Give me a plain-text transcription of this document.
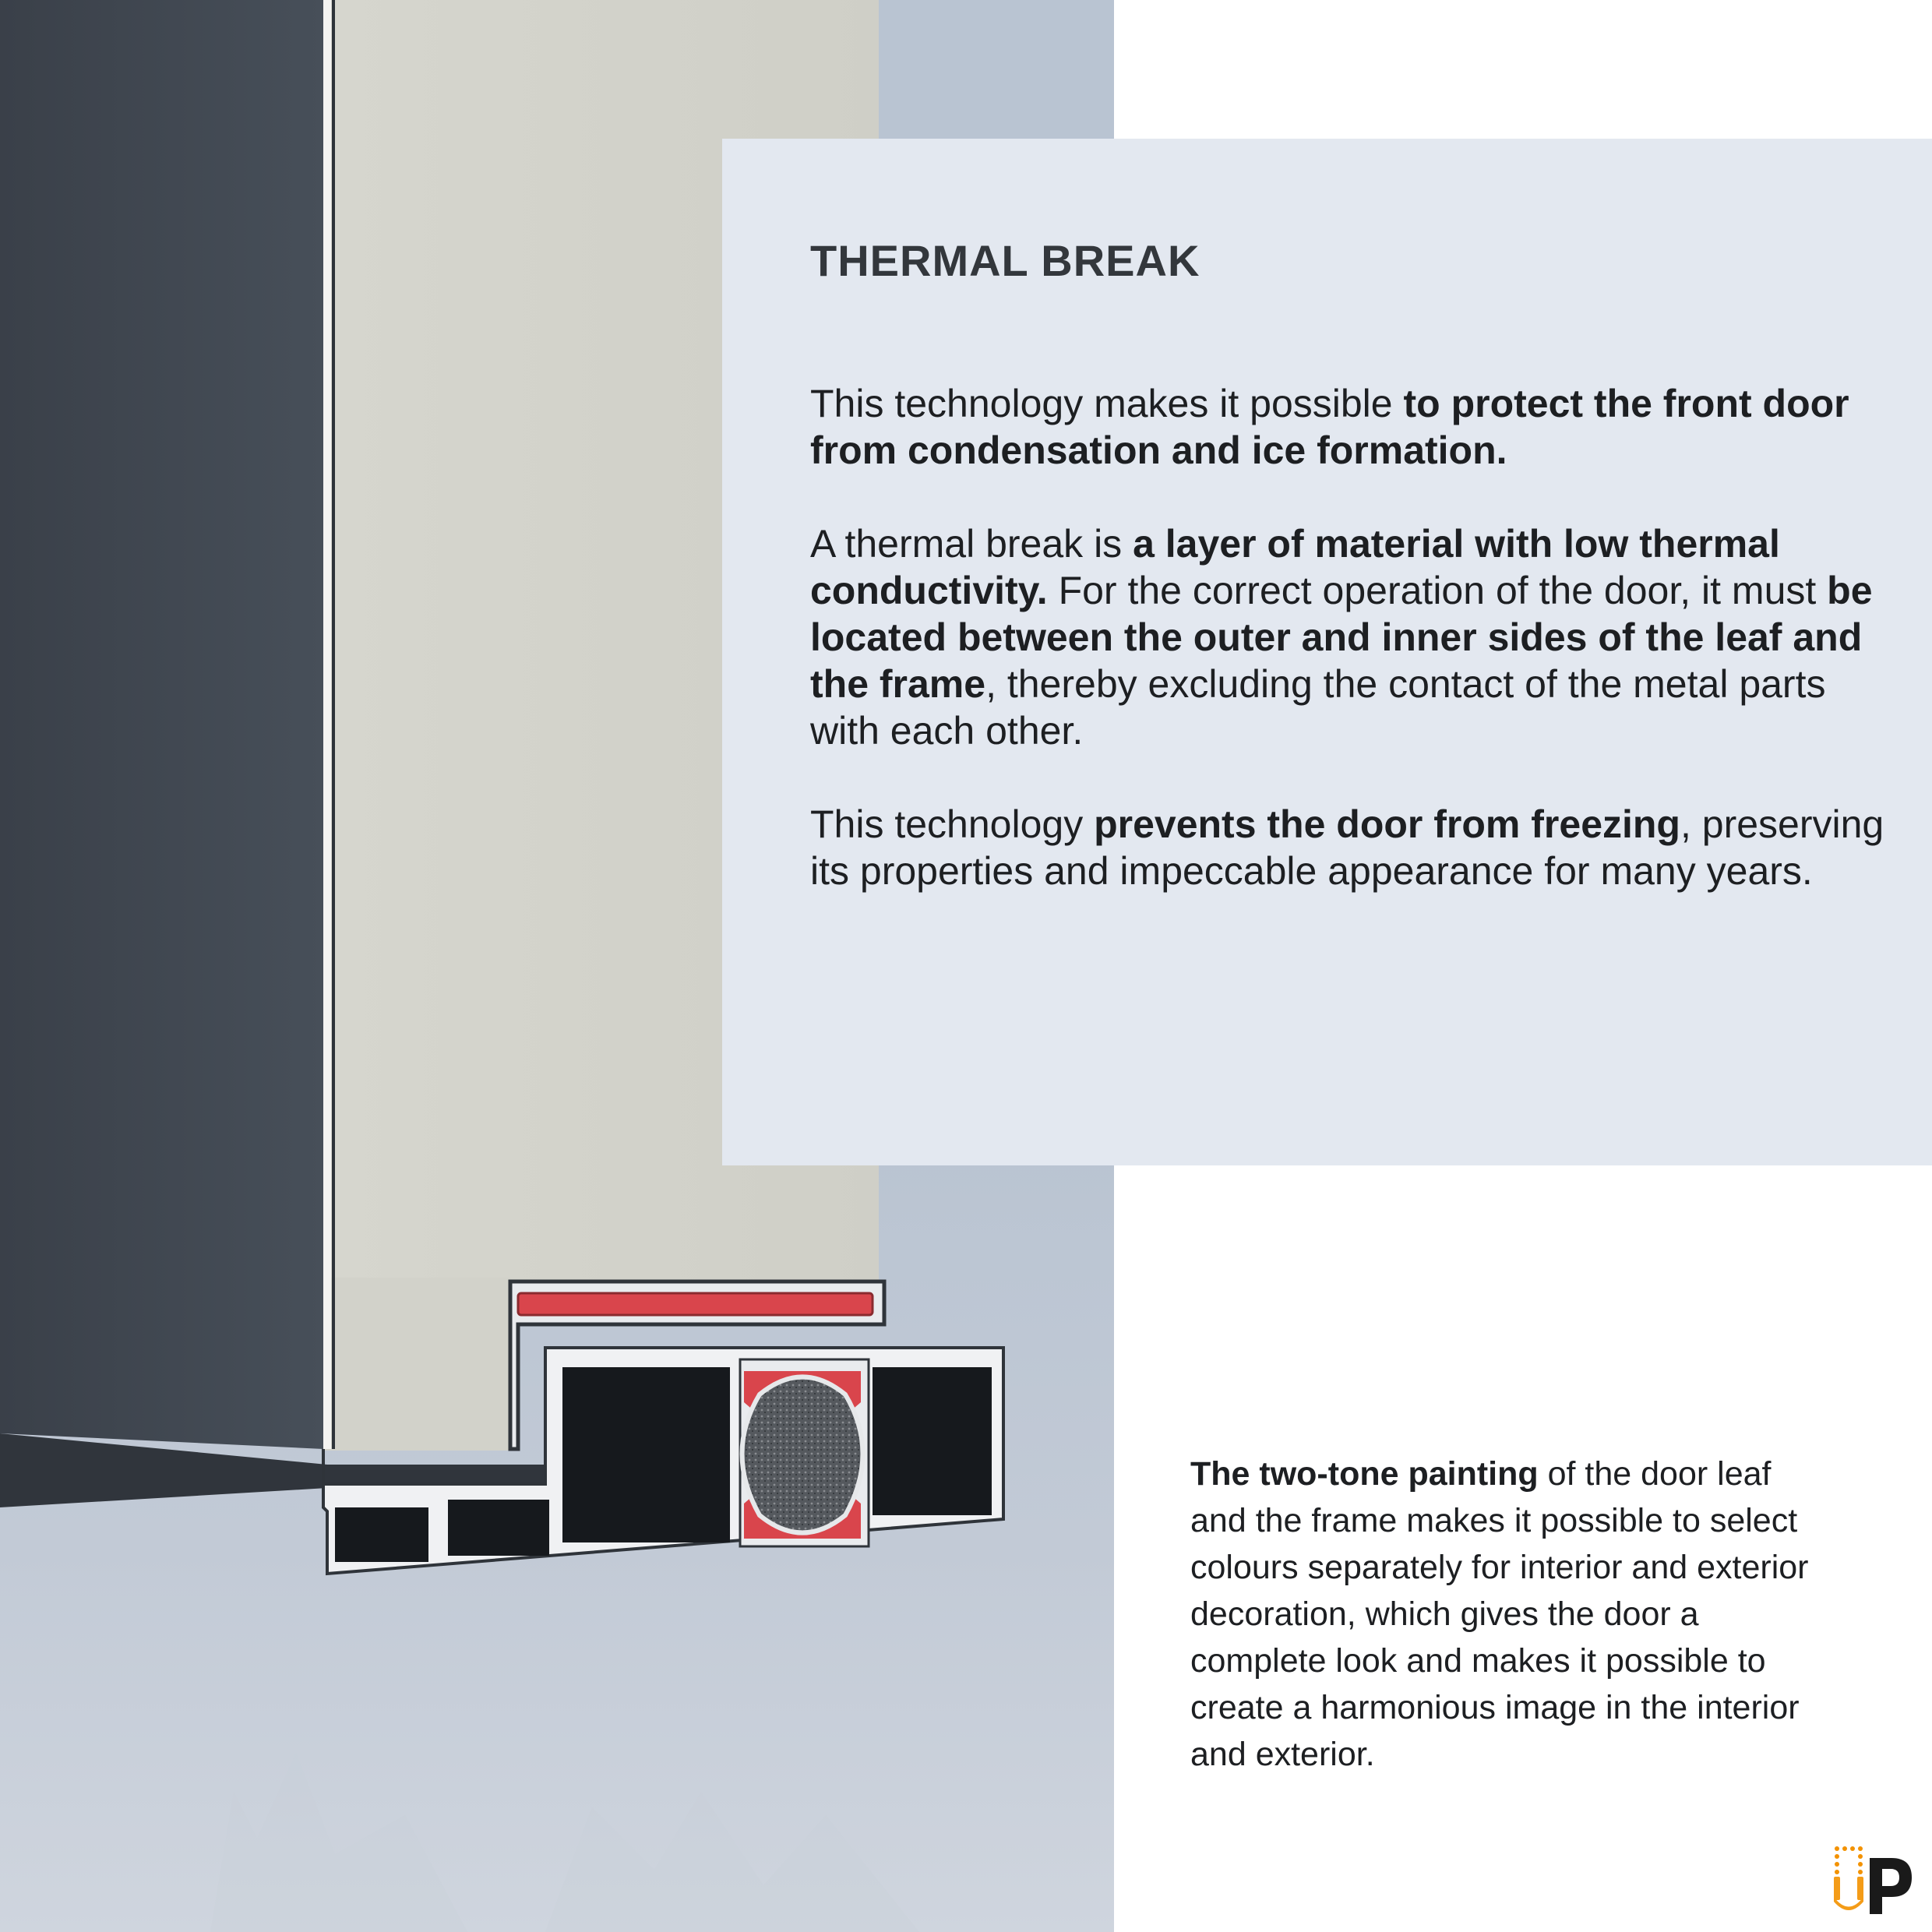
THERMAL BREAK
This technology makes it possible to protect the front door from condensation and ice formation.
A thermal break is a layer of material with low thermal conductivity. For the correct operation of the door, it must be located between the outer and inner sides of the leaf and the frame, thereby excluding the contact of the metal parts with each other.
This technology prevents the door from freezing, preserving its properties and impeccable appearance for many years.
The two-tone painting of the door leaf and the frame makes it possible to select colours separately for interior and exterior decoration, which gives the door a complete look and makes it possible to create a harmonious image in the interior and exterior.
